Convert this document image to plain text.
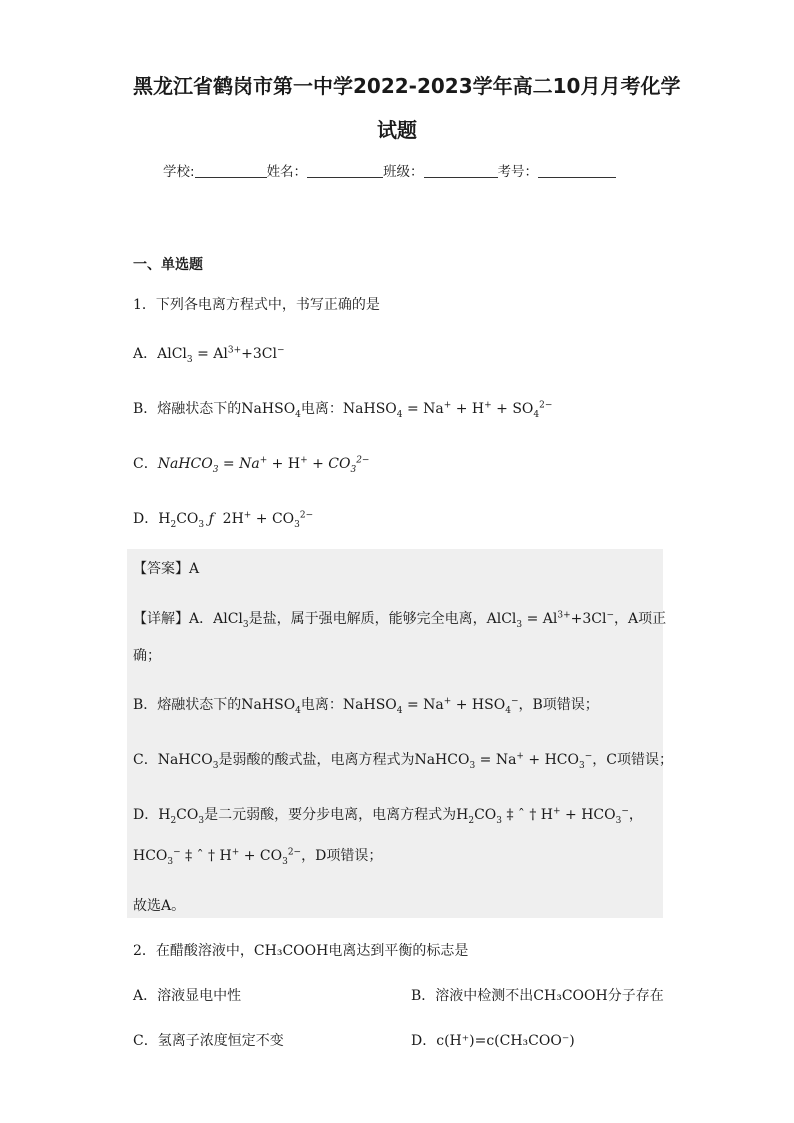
黑龙江省鹤岗市第一中学2022-2023学年高二10月月考化学
试题
学校:	姓名：	班级：	考号：
一、单选题
1．下列各电离方程式中，书写正确的是
A．AlCl$_3$ = $Al^{3+}+3Cl^-$
B．熔融状态下的NaHSO$_4$电离：NaHSO$_4$ = $Na^+ + H^+ + SO_4^{2-}$
C．NaHCO$_3$ = $Na^+ + H^+ + CO_3^{2-}$
D．$H_2CO_3$ ƒ  $2H^+ + CO_3^{2-}$
【答案】A
【详解】A．AlCl$_3$是盐，属于强电解质，能够完全电离，AlCl$_3$ = $Al^{3+}+3Cl^-$，A项正
确；
B．熔融状态下的NaHSO$_4$电离：NaHSO$_4$ = $Na^+ + HSO_4^-$，B项错误；
C．NaHCO$_3$是弱酸的酸式盐，电离方程式为NaHCO$_3$ = $Na^+ + HCO_3^-$，C项错误；
D．$H_2CO_3$是二元弱酸，要分步电离，电离方程式为$H_2CO_3$ ‡ ˆ † $H^+ + HCO_3^-$，
$HCO_3^-$ ‡ ˆ † $H^+ + CO_3^{2-}$，D项错误；
故选A。
2．在醋酸溶液中，CH₃COOH电离达到平衡的标志是
A．溶液显电中性	B．溶液中检测不出CH₃COOH分子存在
C．氢离子浓度恒定不变	D．c(H⁺)=c(CH₃COO⁻)
